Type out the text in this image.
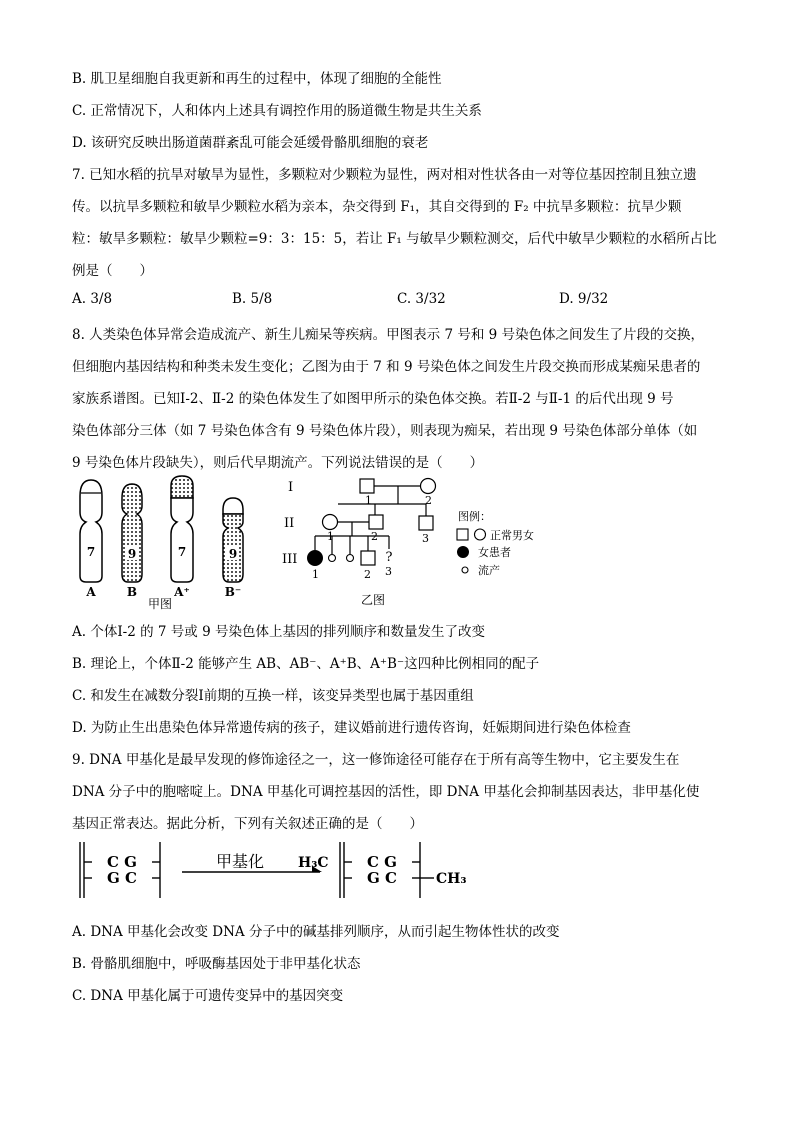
B. 肌卫星细胞自我更新和再生的过程中，体现了细胞的全能性
C. 正常情况下，人和体内上述具有调控作用的肠道微生物是共生关系
D. 该研究反映出肠道菌群紊乱可能会延缓骨骼肌细胞的衰老
7. 已知水稻的抗旱对敏旱为显性，多颗粒对少颗粒为显性，两对相对性状各由一对等位基因控制且独立遗
传。以抗旱多颗粒和敏旱少颗粒水稻为亲本，杂交得到 F₁，其自交得到的 F₂ 中抗旱多颗粒：抗旱少颗
粒：敏旱多颗粒：敏旱少颗粒=9：3：15：5，若让 F₁ 与敏旱少颗粒测交，后代中敏旱少颗粒的水稻所占比
例是（　　）
A. 3/8	B. 5/8	C. 3/32	D. 9/32
8. 人类染色体异常会造成流产、新生儿痴呆等疾病。甲图表示 7 号和 9 号染色体之间发生了片段的交换，
但细胞内基因结构和种类未发生变化；乙图为由于 7 和 9 号染色体之间发生片段交换而形成某痴呆患者的
家族系谱图。已知Ⅰ-2、Ⅱ-2 的染色体发生了如图甲所示的染色体交换。若Ⅱ-2 与Ⅱ-1 的后代出现 9 号
染色体部分三体（如 7 号染色体含有 9 号染色体片段），则表现为痴呆，若出现 9 号染色体部分单体（如
9 号染色体片段缺失），则后代早期流产。下列说法错误的是（　　）
7	9	7	9
A	B	A⁺	B⁻
甲图
?
I
II
III
1	2
1	2	3
1	2 3
图例：
正常男女
女患者
流产
乙图
A. 个体Ⅰ-2 的 7 号或 9 号染色体上基因的排列顺序和数量发生了改变
B. 理论上，个体Ⅱ-2 能够产生 AB、AB⁻、A⁺B、A⁺B⁻这四种比例相同的配子
C. 和发生在减数分裂Ⅰ前期的互换一样，该变异类型也属于基因重组
D. 为防止生出患染色体异常遗传病的孩子，建议婚前进行遗传咨询，妊娠期间进行染色体检查
9. DNA 甲基化是最早发现的修饰途径之一，这一修饰途径可能存在于所有高等生物中，它主要发生在
DNA 分子中的胞嘧啶上。DNA 甲基化可调控基因的活性，即 DNA 甲基化会抑制基因表达，非甲基化使
基因正常表达。据此分析，下列有关叙述正确的是（　　）
C G
G C
甲基化 H₃C	C G
G C	CH₃
A. DNA 甲基化会改变 DNA 分子中的碱基排列顺序，从而引起生物体性状的改变
B. 骨骼肌细胞中，呼吸酶基因处于非甲基化状态
C. DNA 甲基化属于可遗传变异中的基因突变
